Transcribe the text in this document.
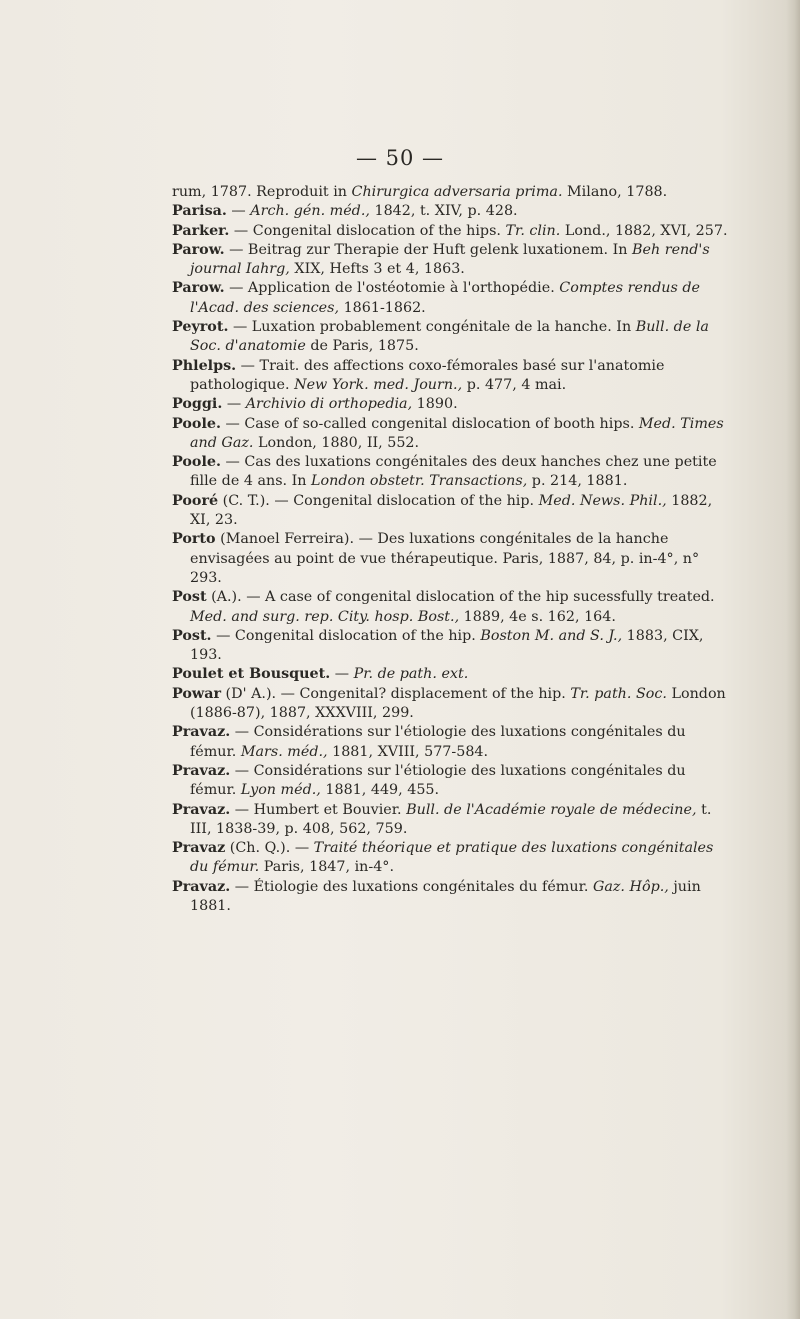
— 50 —

rum, 1787. Reproduit in Chirurgica adversaria prima. Milano, 1788.

Parisa. — Arch. gén. méd., 1842, t. XIV, p. 428.

Parker. — Congenital dislocation of the hips. Tr. clin. Lond., 1882, XVI, 257.

Parow. — Beitrag zur Therapie der Huft gelenk luxationem. In Beh rend's journal Iahrg, XIX, Hefts 3 et 4, 1863.

Parow. — Application de l'ostéotomie à l'orthopédie. Comptes rendus de l'Acad. des sciences, 1861-1862.

Peyrot. — Luxation probablement congénitale de la hanche. In Bull. de la Soc. d'anatomie de Paris, 1875.

Phlelps. — Trait. des affections coxo-fémorales basé sur l'anatomie pathologique. New York. med. Journ., p. 477, 4 mai.

Poggi. — Archivio di orthopedia, 1890.

Poole. — Case of so-called congenital dislocation of booth hips. Med. Times and Gaz. London, 1880, II, 552.

Poole. — Cas des luxations congénitales des deux hanches chez une petite fille de 4 ans. In London obstetr. Transactions, p. 214, 1881.

Pooré (C. T.). — Congenital dislocation of the hip. Med. News. Phil., 1882, XI, 23.

Porto (Manoel Ferreira). — Des luxations congénitales de la hanche envisagées au point de vue thérapeutique. Paris, 1887, 84, p. in-4°, n° 293.

Post (A.). — A case of congenital dislocation of the hip sucessfully treated. Med. and surg. rep. City. hosp. Bost., 1889, 4e s. 162, 164.

Post. — Congenital dislocation of the hip. Boston M. and S. J., 1883, CIX, 193.

Poulet et Bousquet. — Pr. de path. ext.

Powar (D' A.). — Congenital? displacement of the hip. Tr. path. Soc. London (1886-87), 1887, XXXVIII, 299.

Pravaz. — Considérations sur l'étiologie des luxations congénitales du fémur. Mars. méd., 1881, XVIII, 577-584.

Pravaz. — Considérations sur l'étiologie des luxations congénitales du fémur. Lyon méd., 1881, 449, 455.

Pravaz. — Humbert et Bouvier. Bull. de l'Académie royale de médecine, t. III, 1838-39, p. 408, 562, 759.

Pravaz (Ch. Q.). — Traité théorique et pratique des luxations congénitales du fémur. Paris, 1847, in-4°.

Pravaz. — Étiologie des luxations congénitales du fémur. Gaz. Hôp., juin 1881.
